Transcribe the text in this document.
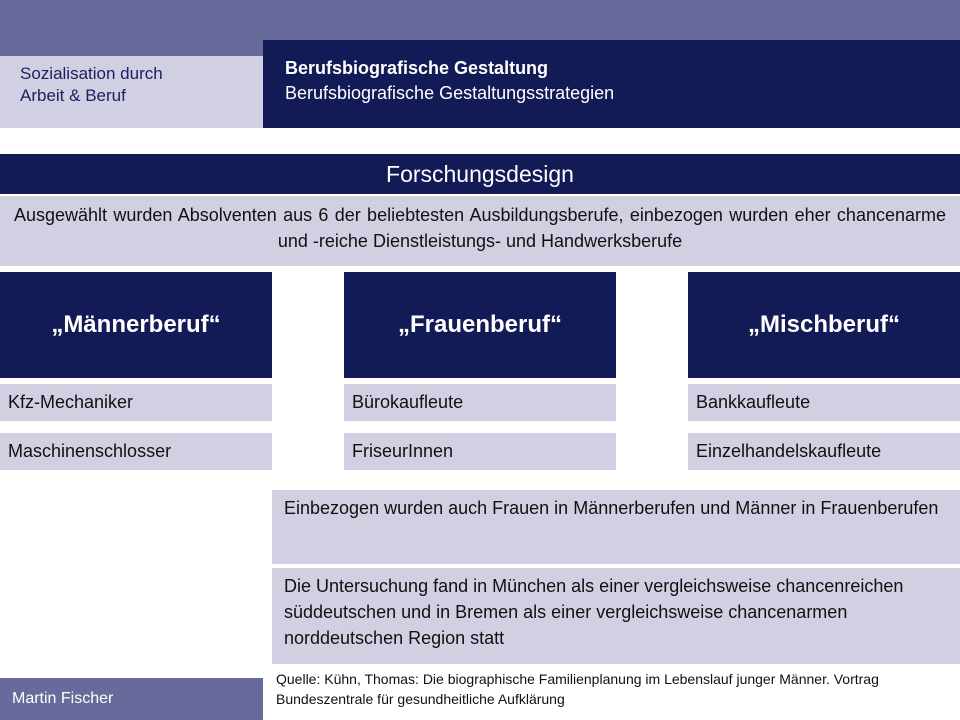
Sozialisation durch
Arbeit & Beruf
Berufsbiografische Gestaltung
Berufsbiografische Gestaltungsstrategien
Forschungsdesign
Ausgewählt wurden Absolventen aus 6 der beliebtesten Ausbildungsberufe, einbezogen wurden eher chancenarme und -reiche Dienstleistungs- und Handwerksberufe
„Männerberuf“
Kfz-Mechaniker
Maschinenschlosser
„Frauenberuf“
Bürokaufleute
FriseurInnen
„Mischberuf“
Bankkaufleute
Einzelhandelskaufleute
Einbezogen wurden auch Frauen in Männerberufen und Männer in Frauenberufen
Die Untersuchung fand in München als einer vergleichsweise chancenreichen süddeutschen und in Bremen als einer vergleichsweise chancenarmen norddeutschen Region statt
Martin Fischer
Quelle: Kühn, Thomas: Die biographische Familienplanung im Lebenslauf junger Männer. Vortrag Bundeszentrale für gesundheitliche Aufklärung
